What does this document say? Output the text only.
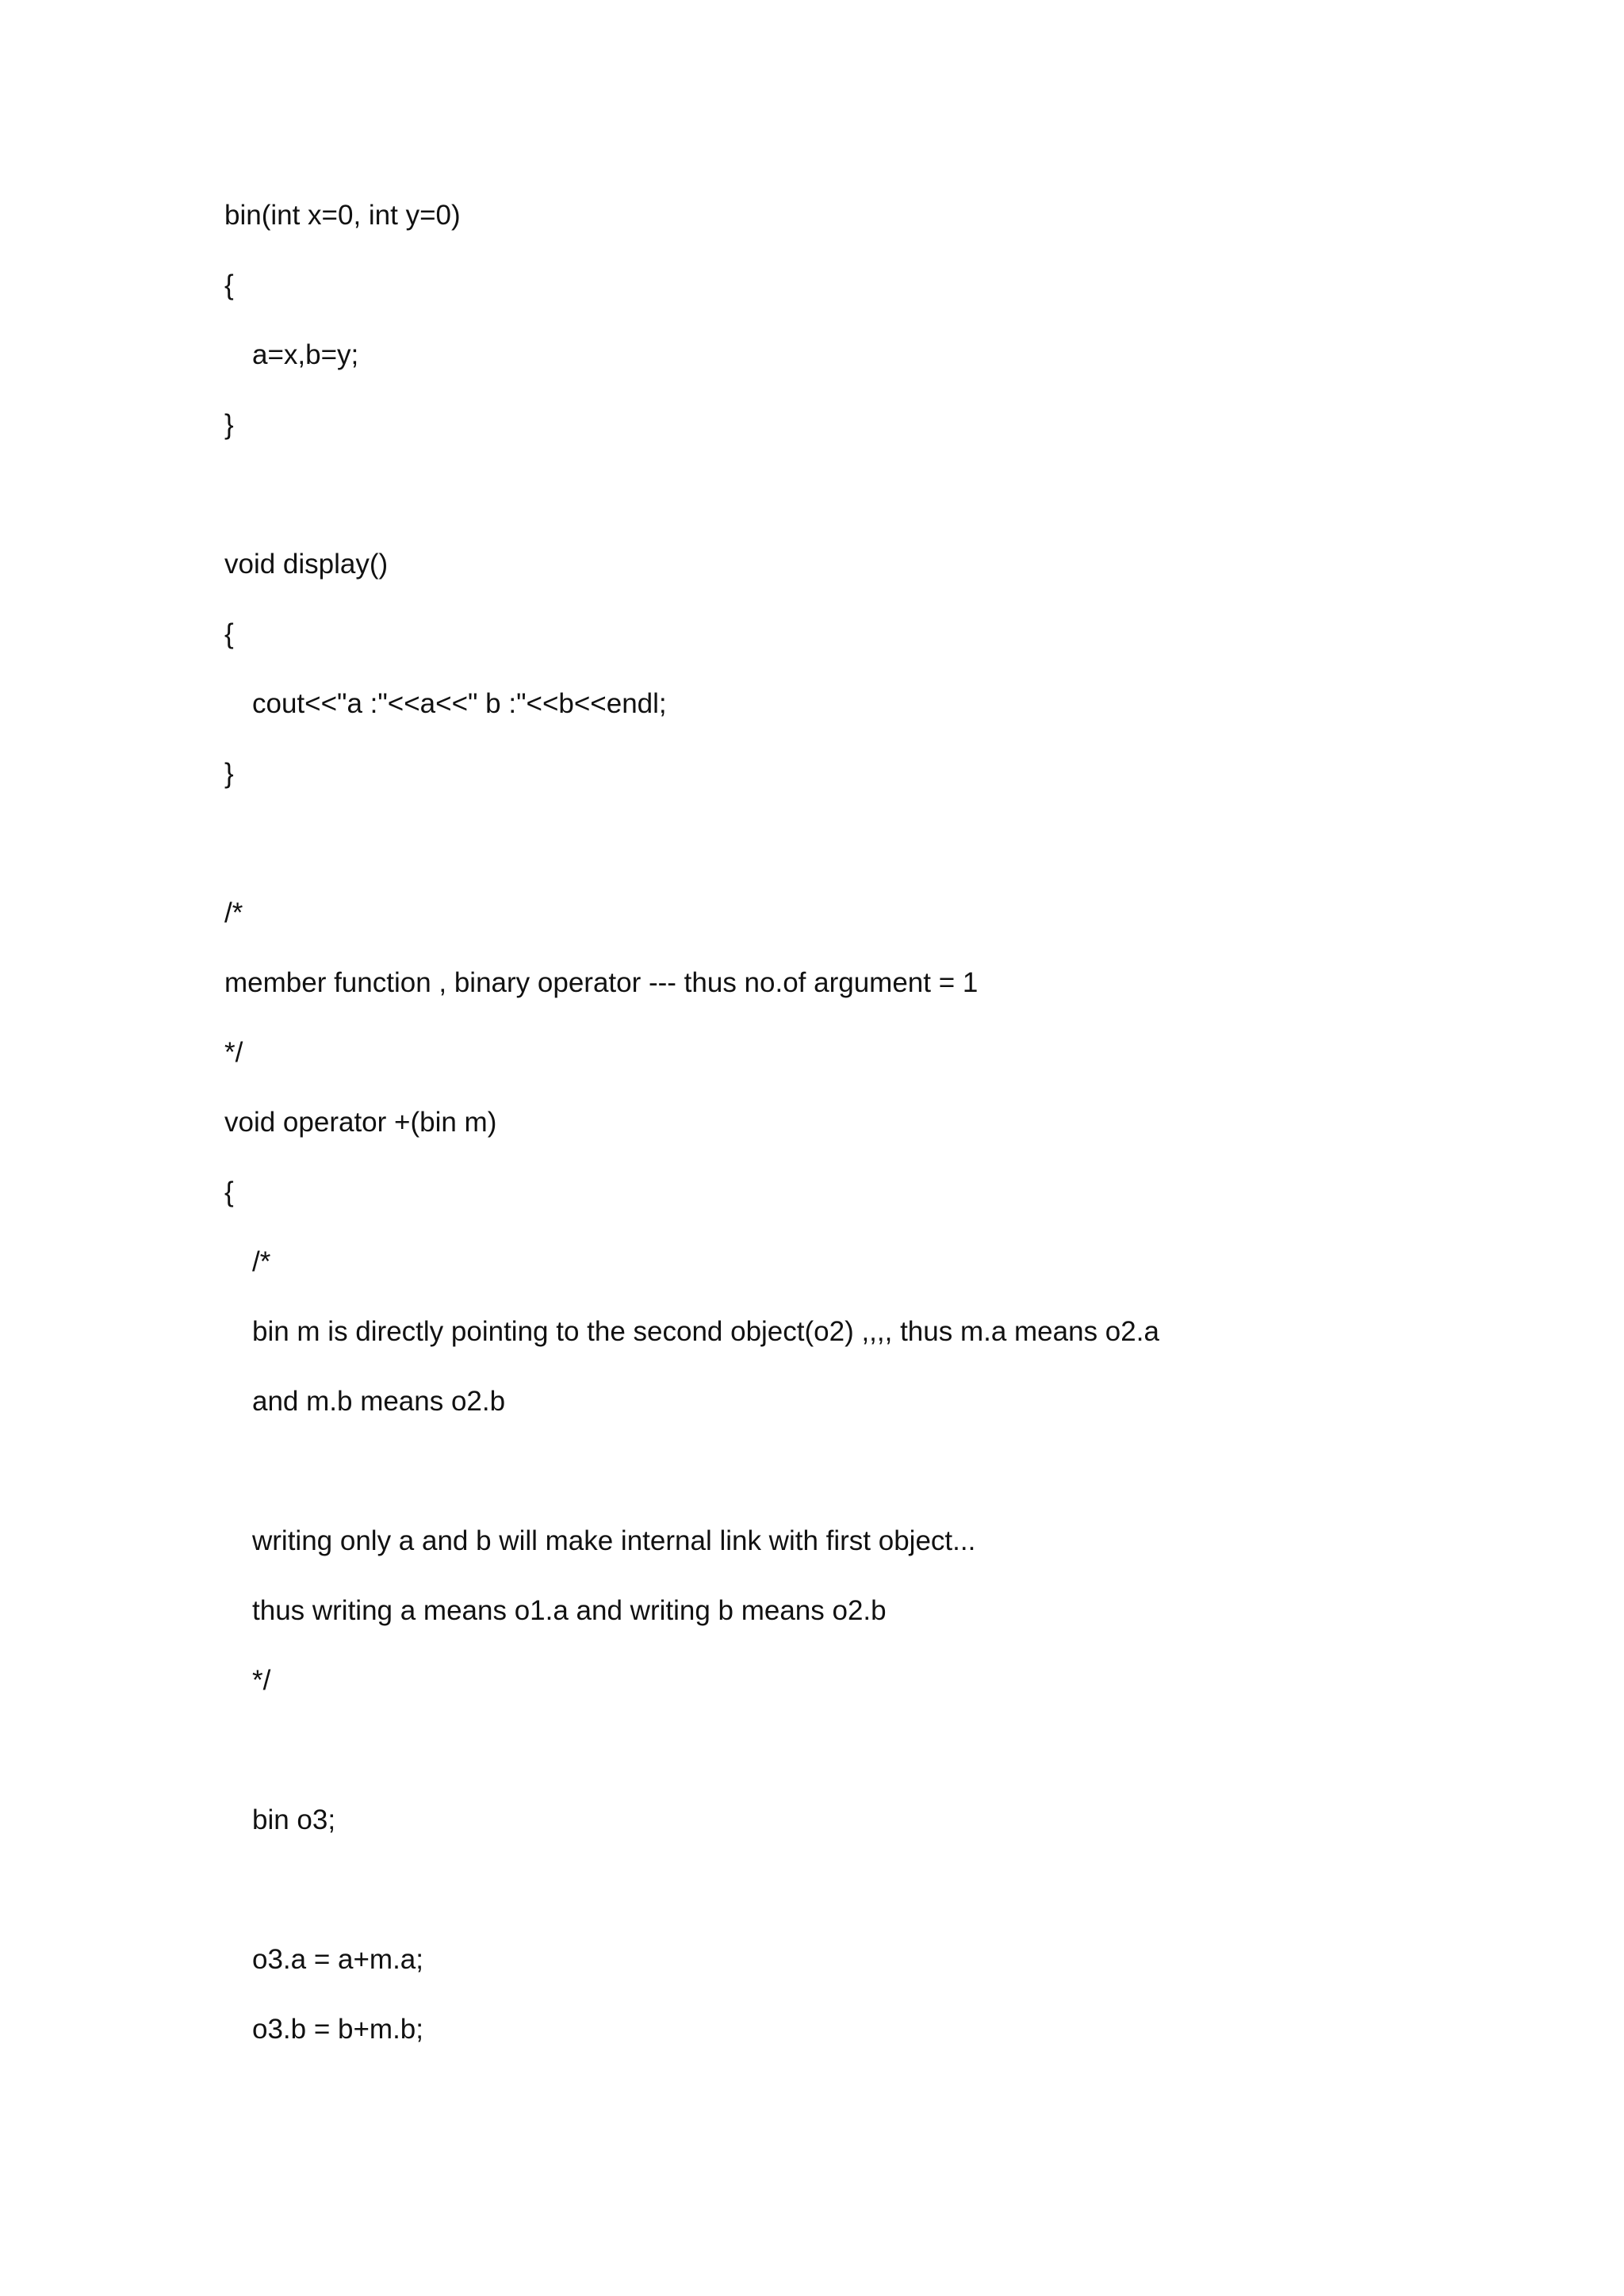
bin(int x=0, int y=0)
{
a=x,b=y;
}
void display()
{
cout<<"a :"<<a<<" b :"<<b<<endl;
}
/*
member function , binary operator --- thus no.of argument = 1
*/
void operator +(bin m)
{
/*
bin m is directly pointing to the second object(o2) ,,,, thus m.a means o2.a
and m.b means o2.b
writing only a and b will make internal link with first object...
thus writing a means o1.a and writing b means o2.b
*/
bin o3;
o3.a = a+m.a;
o3.b = b+m.b;
